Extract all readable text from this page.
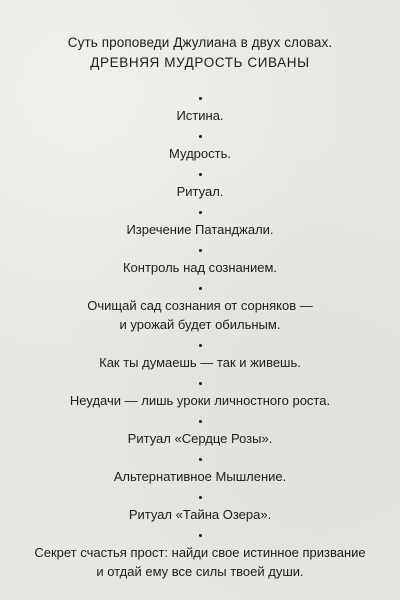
Суть проповеди Джулиана в двух словах.

ДРЕВНЯЯ МУДРОСТЬ СИВАНЫ

Истина.

Мудрость.

Ритуал.

Изречение Патанджали.

Контроль над сознанием.

Очищай сад сознания от сорняков —
и урожай будет обильным.

Как ты думаешь — так и живешь.

Неудачи — лишь уроки личностного роста.

Ритуал «Сердце Розы».

Альтернативное Мышление.

Ритуал «Тайна Озера».

Секрет счастья прост: найди свое истинное призвание
и отдай ему все силы твоей души.
